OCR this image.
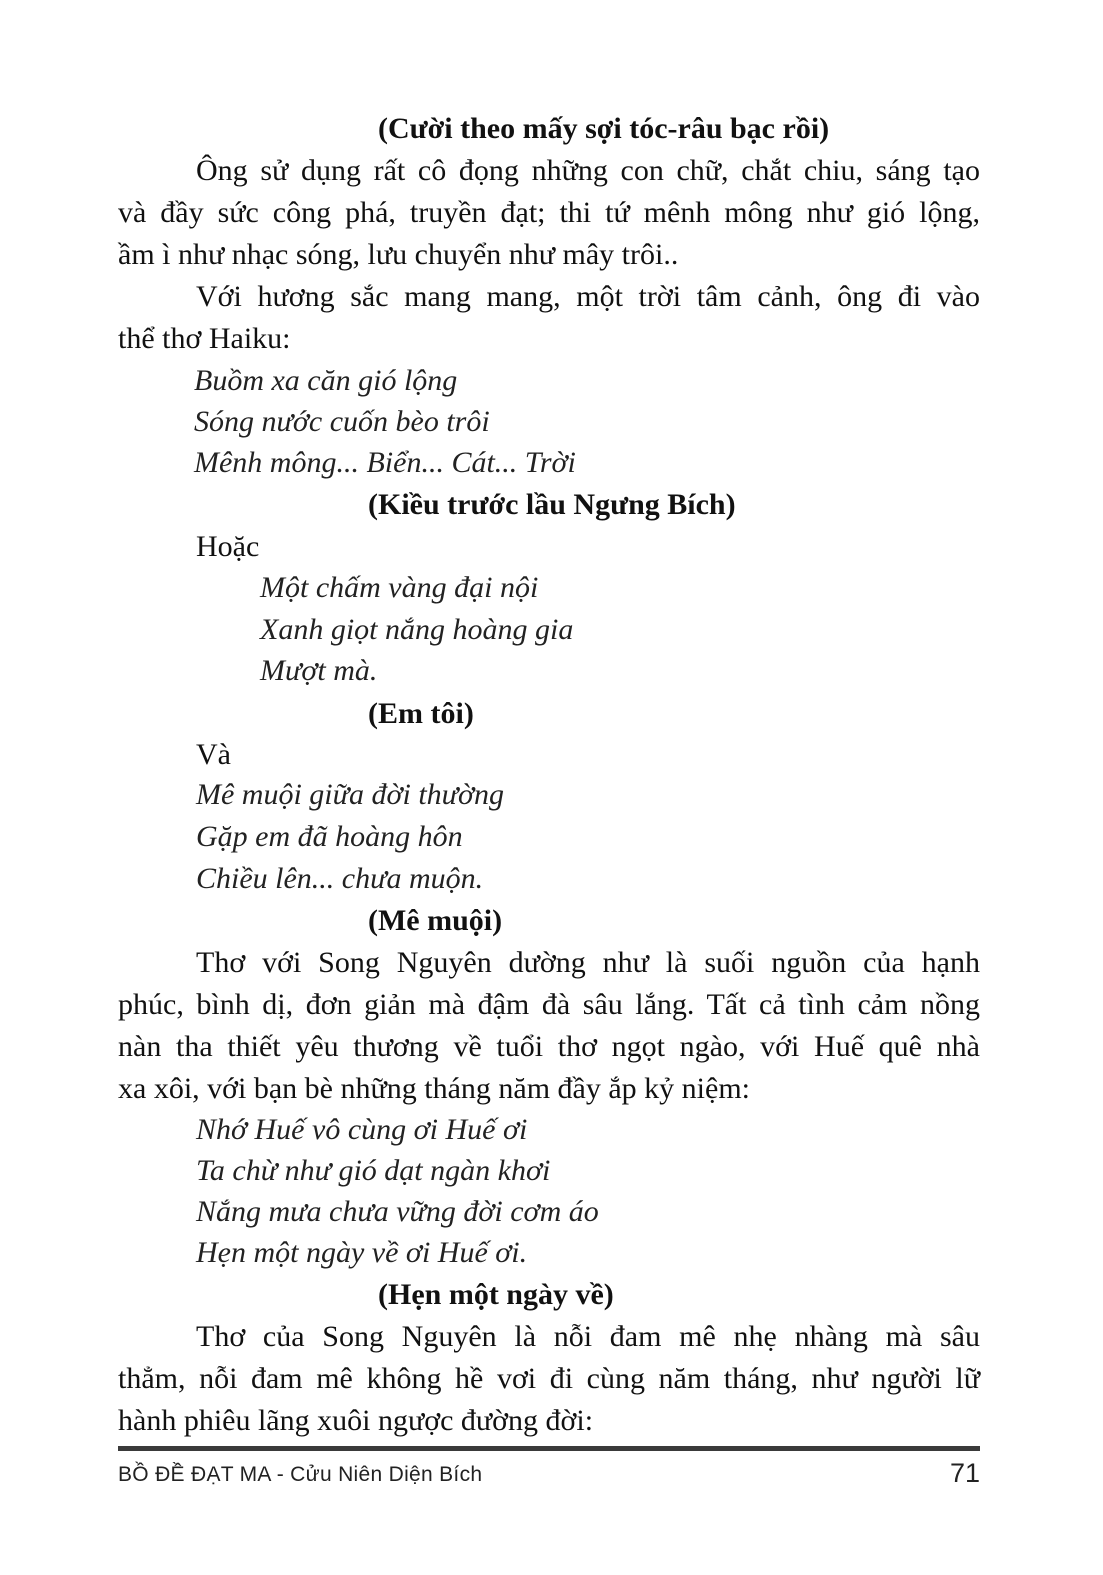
(Cười theo mấy sợi tóc-râu bạc rồi)
Ông sử dụng rất cô đọng những con chữ, chắt chiu, sáng tạo
và đầy sức công phá, truyền đạt; thi tứ mênh mông như gió lộng,
ầm ì như nhạc sóng, lưu chuyển như mây trôi..
Với hương sắc mang mang, một trời tâm cảnh, ông đi vào
thể thơ Haiku:
Buồm xa căn gió lộng
Sóng nước cuốn bèo trôi
Mênh mông... Biển... Cát... Trời
(Kiều trước lầu Ngưng Bích)
Hoặc
Một chấm vàng đại nội
Xanh giọt nắng hoàng gia
Mượt mà.
(Em tôi)
Và
Mê muội giữa đời thường
Gặp em đã hoàng hôn
Chiều lên... chưa muộn.
(Mê muội)
Thơ với Song Nguyên dường như là suối nguồn của hạnh
phúc, bình dị, đơn giản mà đậm đà sâu lắng. Tất cả tình cảm nồng
nàn tha thiết yêu thương về tuổi thơ ngọt ngào, với Huế quê nhà
xa xôi, với bạn bè những tháng năm đầy ắp kỷ niệm:
Nhớ Huế vô cùng ơi Huế ơi
Ta chừ như gió dạt ngàn khơi
Nắng mưa chưa vững đời cơm áo
Hẹn một ngày về ơi Huế ơi.
(Hẹn một ngày về)
Thơ của Song Nguyên là nỗi đam mê nhẹ nhàng mà sâu
thẳm, nỗi đam mê không hề vơi đi cùng năm tháng, như người lữ
hành phiêu lãng xuôi ngược đường đời:
BỒ ĐỀ ĐẠT MA - Cửu Niên Diện Bích	71
